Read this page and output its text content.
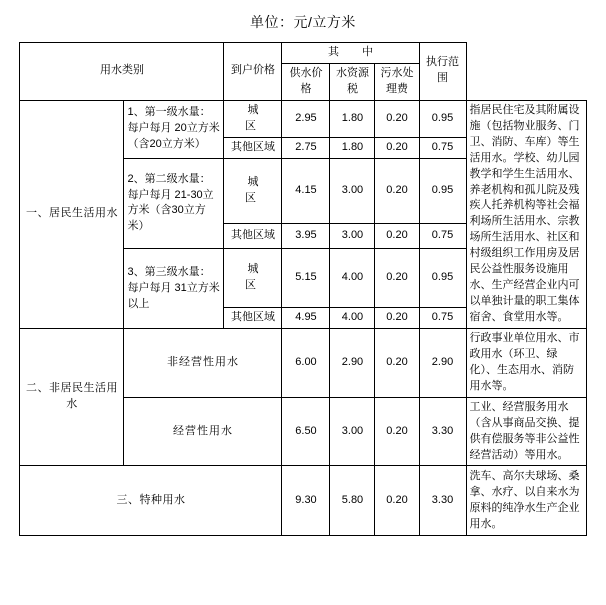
单位：元/立方米
用水类别		到户价格	其　中			执行范围	
			供水价格	水资源税	污水处理费		
一、居民生活用水	1、第一级水量：每户每月 20立方米（含20立方米）	城　区	2.95	1.80	0.20	0.95	指居民住宅及其附属设施（包括物业服务、门卫、消防、车库）等生活用水。学校、幼儿园教学和学生生活用水、养老机构和孤儿院及残疾人托养机构等社会福利场所生活用水、宗教场所生活用水、社区和村级组织工作用房及居民公益性服务设施用水、生产经营企业内可以单独计量的职工集体宿舍、食堂用水等。
		其他区域	2.75	1.80	0.20	0.75	
	2、第二级水量：每户每月 21-30立方米（含30立方米）	城　区	4.15	3.00	0.20	0.95	
		其他区域	3.95	3.00	0.20	0.75	
	3、第三级水量：每户每月 31立方米以上	城　区	5.15	4.00	0.20	0.95	
		其他区域	4.95	4.00	0.20	0.75	
二、非居民生活用水	非经营性用水		6.00	2.90	0.20	2.90	行政事业单位用水、市政用水（环卫、绿化）、生态用水、消防用水等。
	经营性用水		6.50	3.00	0.20	3.30	工业、经营服务用水（含从事商品交换、提供有偿服务等非公益性经营活动）等用水。
三、特种用水			9.30	5.80	0.20	3.30	洗车、高尔夫球场、桑拿、水疗、以自来水为原料的纯净水生产企业用水。
